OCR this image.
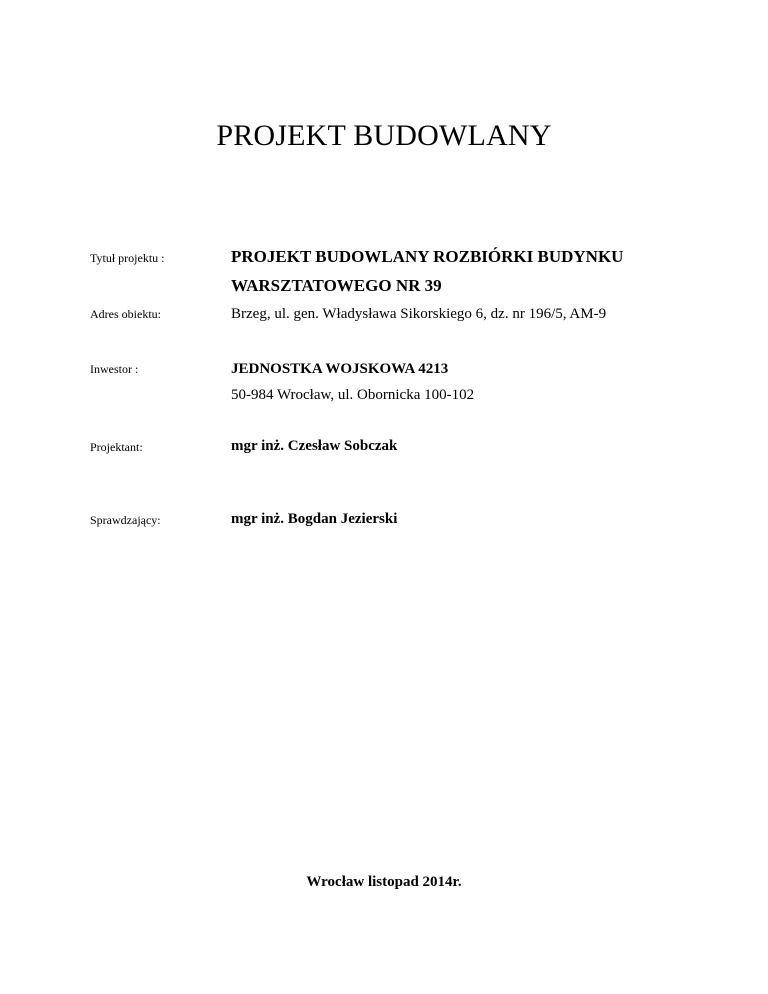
PROJEKT BUDOWLANY
Tytuł projektu :	PROJEKT BUDOWLANY ROZBIÓRKI BUDYNKU
WARSZTATOWEGO NR 39
Adres obiektu:	Brzeg, ul. gen. Władysława Sikorskiego 6, dz. nr 196/5, AM-9
Inwestor :	JEDNOSTKA WOJSKOWA 4213
50-984 Wrocław, ul. Obornicka 100-102
Projektant:	mgr inż. Czesław Sobczak
Sprawdzający:	mgr inż. Bogdan Jezierski
Wrocław listopad 2014r.
